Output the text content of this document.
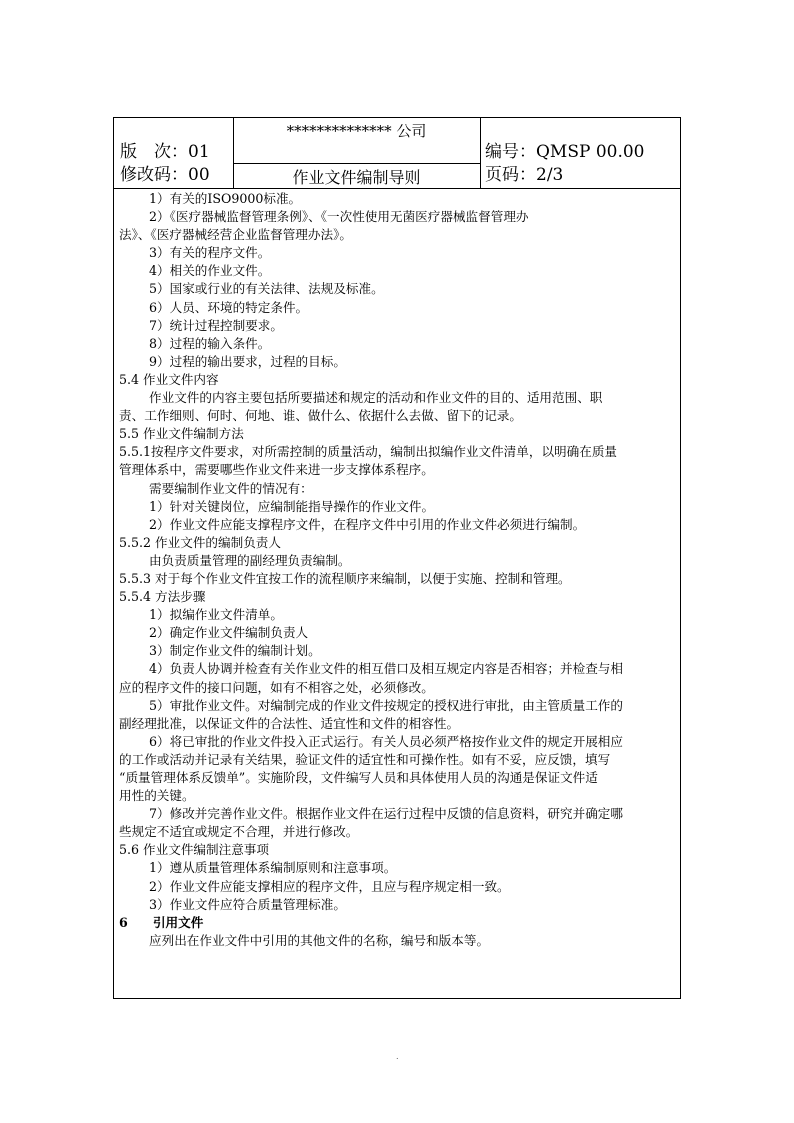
版　次：01
修改码：00
************** 公司
作业文件编制导则
编号：QMSP 00.00
页码：2/3
1）有关的ISO9000标准。
2）《医疗器械监督管理条例》、《一次性使用无菌医疗器械监督管理办
法》、《医疗器械经营企业监督管理办法》。
3）有关的程序文件。
4）相关的作业文件。
5）国家或行业的有关法律、法规及标准。
6）人员、环境的特定条件。
7）统计过程控制要求。
8）过程的输入条件。
9）过程的输出要求，过程的目标。
5.4 作业文件内容
作业文件的内容主要包括所要描述和规定的活动和作业文件的目的、适用范围、职
责、工作细则、何时、何地、谁、做什么、依据什么去做、留下的记录。
5.5 作业文件编制方法
5.5.1按程序文件要求，对所需控制的质量活动，编制出拟编作业文件清单，以明确在质量
管理体系中，需要哪些作业文件来进一步支撑体系程序。
需要编制作业文件的情况有：
1）针对关键岗位，应编制能指导操作的作业文件。
2）作业文件应能支撑程序文件，在程序文件中引用的作业文件必须进行编制。
5.5.2 作业文件的编制负责人
由负责质量管理的副经理负责编制。
5.5.3 对于每个作业文件宜按工作的流程顺序来编制，以便于实施、控制和管理。
5.5.4 方法步骤
1）拟编作业文件清单。
2）确定作业文件编制负责人
3）制定作业文件的编制计划。
4）负责人协调并检查有关作业文件的相互借口及相互规定内容是否相容；并检查与相
应的程序文件的接口问题，如有不相容之处，必须修改。
5）审批作业文件。对编制完成的作业文件按规定的授权进行审批，由主管质量工作的
副经理批准，以保证文件的合法性、适宜性和文件的相容性。
6）将已审批的作业文件投入正式运行。有关人员必须严格按作业文件的规定开展相应
的工作或活动并记录有关结果，验证文件的适宜性和可操作性。如有不妥，应反馈，填写
“质量管理体系反馈单”。实施阶段，文件编写人员和具体使用人员的沟通是保证文件适
用性的关键。
7）修改并完善作业文件。根据作业文件在运行过程中反馈的信息资料，研究并确定哪
些规定不适宜或规定不合理，并进行修改。
5.6 作业文件编制注意事项
1）遵从质量管理体系编制原则和注意事项。
2）作业文件应能支撑相应的程序文件，且应与程序规定相一致。
3）作业文件应符合质量管理标准。
6　　引用文件
应列出在作业文件中引用的其他文件的名称，编号和版本等。
.
